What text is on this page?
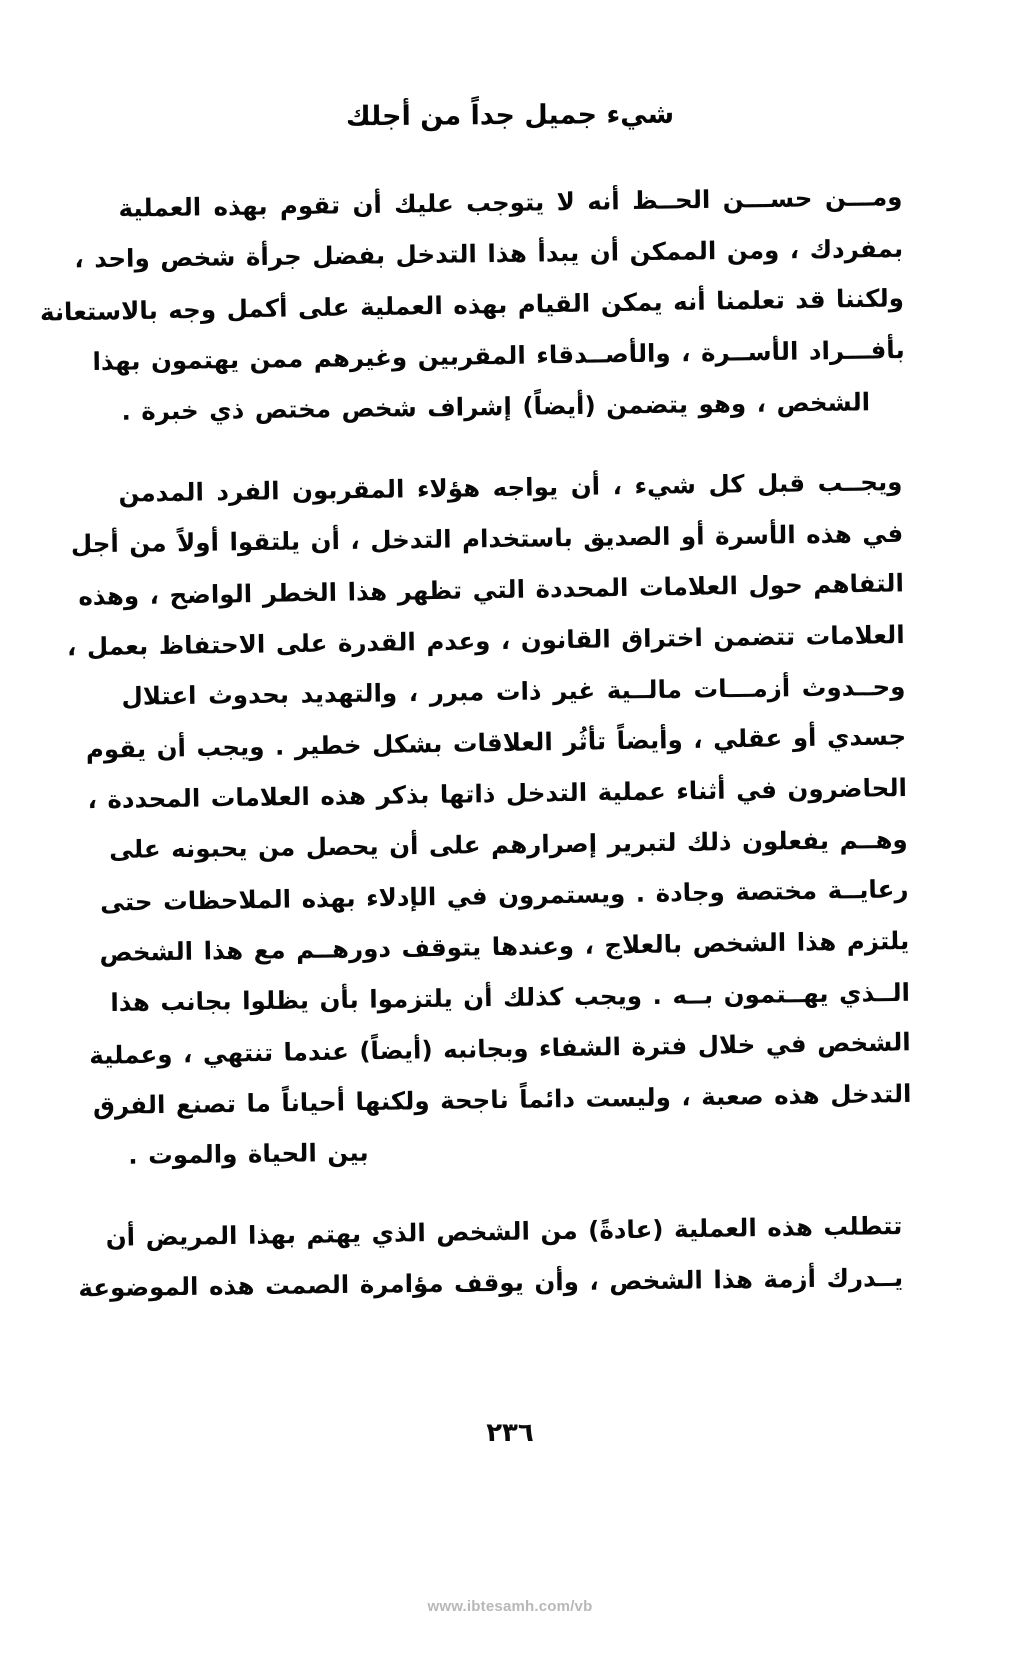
شيء جميل جداً من أجلك

ومـــن حســـن الحــظ أنه لا يتوجب عليك أن تقوم بهذه العملية
بمفردك ، ومن الممكن أن يبدأ هذا التدخل بفضل جرأة شخص واحد ،
ولكننا قد تعلمنا أنه يمكن القيام بهذه العملية على أكمل وجه بالاستعانة
بأفـــراد الأســرة ، والأصــدقاء المقربين وغيرهم ممن يهتمون بهذا
الشخص ، وهو يتضمن (أيضاً) إشراف شخص مختص ذي خبرة .

ويجــب قبل كل شيء ، أن يواجه هؤلاء المقربون الفرد المدمن
في هذه الأسرة أو الصديق باستخدام التدخل ، أن يلتقوا أولاً من أجل
التفاهم حول العلامات المحددة التي تظهر هذا الخطر الواضح ، وهذه
العلامات تتضمن اختراق القانون ، وعدم القدرة على الاحتفاظ بعمل ،
وحــدوث أزمـــات مالــية غير ذات مبرر ، والتهديد بحدوث اعتلال
جسدي أو عقلي ، وأيضاً تأثُر العلاقات بشكل خطير . ويجب أن يقوم
الحاضرون في أثناء عملية التدخل ذاتها بذكر هذه العلامات المحددة ،
وهــم يفعلون ذلك لتبرير إصرارهم على أن يحصل من يحبونه على
رعايــة مختصة وجادة . ويستمرون في الإدلاء بهذه الملاحظات حتى
يلتزم هذا الشخص بالعلاج ، وعندها يتوقف دورهــم مع هذا الشخص
الــذي يهــتمون بــه . ويجب كذلك أن يلتزموا بأن يظلوا بجانب هذا
الشخص في خلال فترة الشفاء وبجانبه (أيضاً) عندما تنتهي ، وعملية
التدخل هذه صعبة ، وليست دائماً ناجحة ولكنها أحياناً ما تصنع الفرق
بين الحياة والموت .

تتطلب هذه العملية (عادةً) من الشخص الذي يهتم بهذا المريض أن
يــدرك أزمة هذا الشخص ، وأن يوقف مؤامرة الصمت هذه الموضوعة

٢٣٦
www.ibtesamh.com/vb
